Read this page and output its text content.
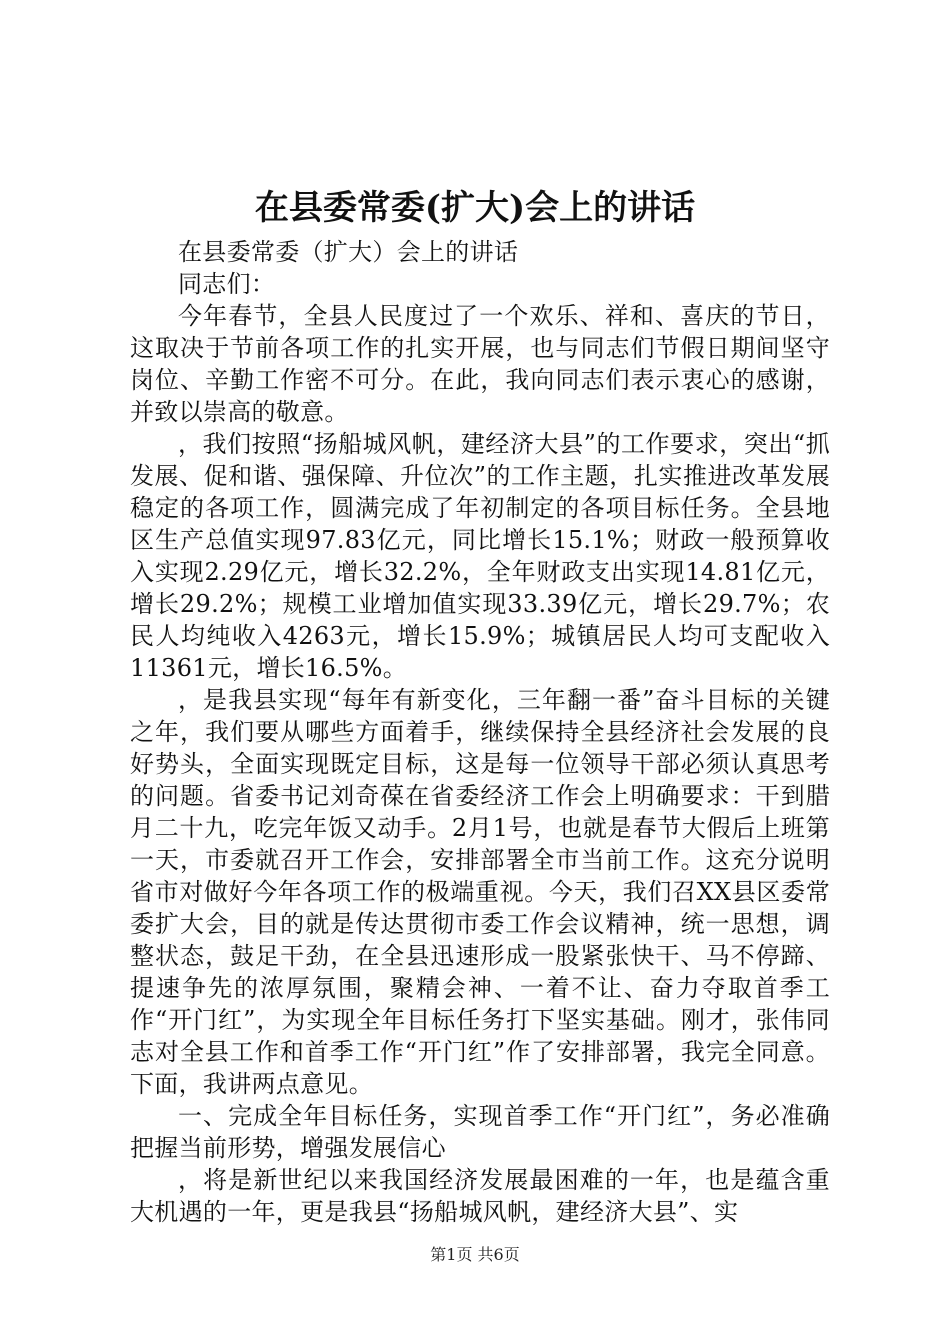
在县委常委(扩大)会上的讲话

在县委常委（扩大）会上的讲话

同志们：

今年春节，全县人民度过了一个欢乐、祥和、喜庆的节日，这取决于节前各项工作的扎实开展，也与同志们节假日期间坚守岗位、辛勤工作密不可分。在此，我向同志们表示衷心的感谢，并致以崇高的敬意。

，我们按照“扬船城风帆，建经济大县”的工作要求，突出“抓发展、促和谐、强保障、升位次”的工作主题，扎实推进改革发展稳定的各项工作，圆满完成了年初制定的各项目标任务。全县地区生产总值实现97.83亿元，同比增长15.1%；财政一般预算收入实现2.29亿元，增长32.2%，全年财政支出实现14.81亿元，增长29.2%；规模工业增加值实现33.39亿元，增长29.7%；农民人均纯收入4263元，增长15.9%；城镇居民人均可支配收入11361元，增长16.5%。

，是我县实现“每年有新变化，三年翻一番”奋斗目标的关键之年，我们要从哪些方面着手，继续保持全县经济社会发展的良好势头，全面实现既定目标，这是每一位领导干部必须认真思考的问题。省委书记刘奇葆在省委经济工作会上明确要求：干到腊月二十九，吃完年饭又动手。2月1号，也就是春节大假后上班第一天，市委就召开工作会，安排部署全市当前工作。这充分说明省市对做好今年各项工作的极端重视。今天，我们召XX县区委常委扩大会，目的就是传达贯彻市委工作会议精神，统一思想，调整状态，鼓足干劲，在全县迅速形成一股紧张快干、马不停蹄、提速争先的浓厚氛围，聚精会神、一着不让、奋力夺取首季工作“开门红”，为实现全年目标任务打下坚实基础。刚才，张伟同志对全县工作和首季工作“开门红”作了安排部署，我完全同意。下面，我讲两点意见。

一、完成全年目标任务，实现首季工作“开门红”，务必准确把握当前形势，增强发展信心

，将是新世纪以来我国经济发展最困难的一年，也是蕴含重大机遇的一年，更是我县“扬船城风帆，建经济大县”、实

第1页 共6页
